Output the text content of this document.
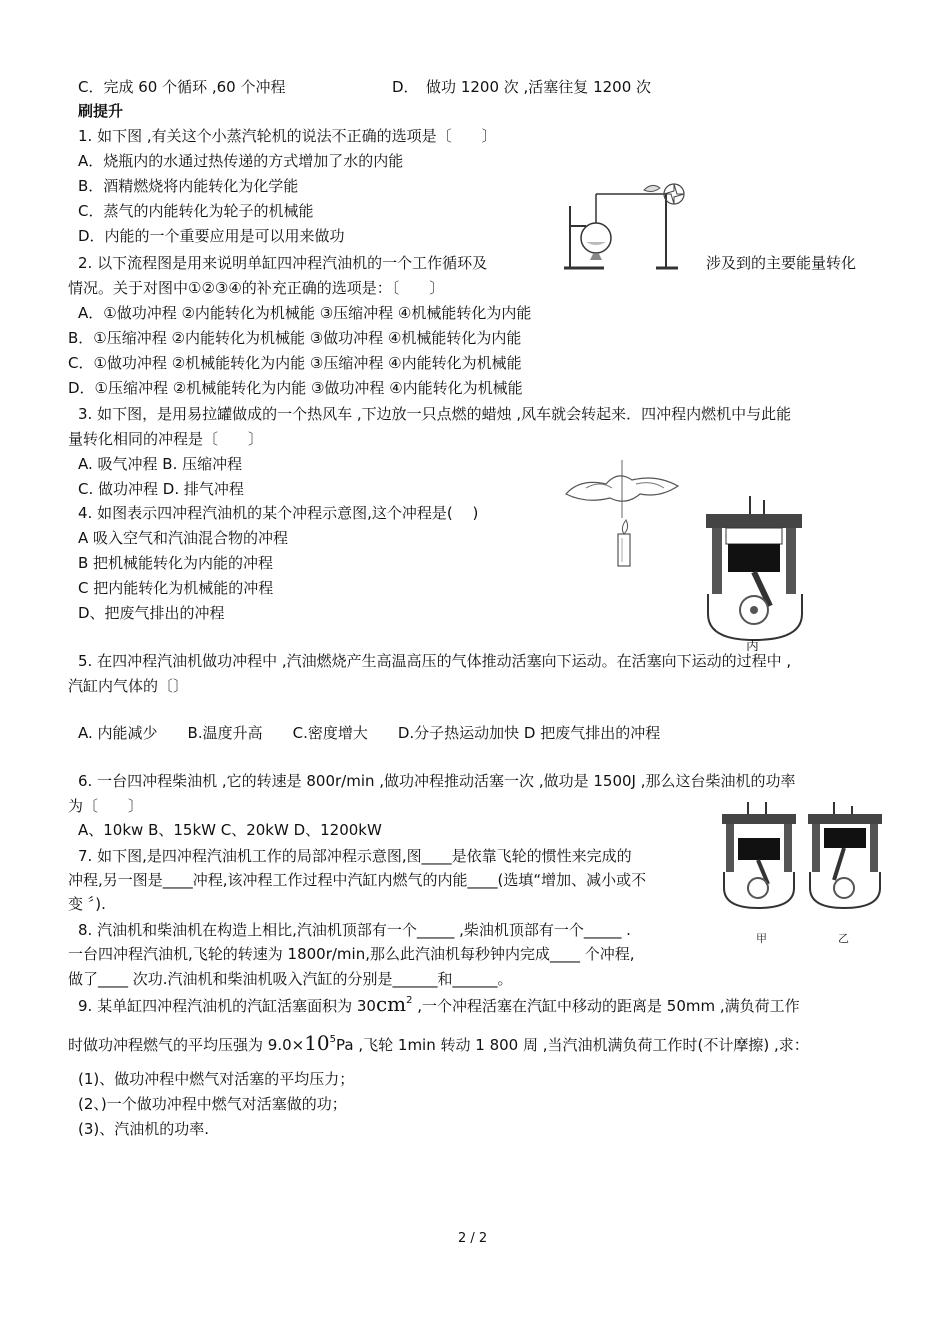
C．完成 60 个循环 ,60 个冲程	D．　做功 1200 次 ,活塞往复 1200 次
刷提升
1. 如下图 ,有关这个小蒸汽轮机的说法不正确的选项是〔　　〕
A．烧瓶内的水通过热传递的方式增加了水的内能
B．酒精燃烧将内能转化为化学能
C．蒸气的内能转化为轮子的机械能
D．内能的一个重要应用是可以用来做功
2. 以下流程图是用来说明单缸四冲程汽油机的一个工作循环及	涉及到的主要能量转化
情况。关于对图中①②③④的补充正确的选项是：〔　　〕
A．①做功冲程 ②内能转化为机械能 ③压缩冲程 ④机械能转化为内能
B．①压缩冲程 ②内能转化为机械能 ③做功冲程 ④机械能转化为内能
C．①做功冲程 ②机械能转化为内能 ③压缩冲程 ④内能转化为机械能
D．①压缩冲程 ②机械能转化为内能 ③做功冲程 ④内能转化为机械能
3. 如下图，是用易拉罐做成的一个热风车 ,下边放一只点燃的蜡烛 ,风车就会转起来．四冲程内燃机中与此能
量转化相同的冲程是〔　　〕
A. 吸气冲程 B. 压缩冲程
C. 做功冲程 D. 排气冲程
4. 如图表示四冲程汽油机的某个冲程示意图,这个冲程是(　 )
A 吸入空气和汽油混合物的冲程
B 把机械能转化为内能的冲程
C 把内能转化为机械能的冲程
D、把废气排出的冲程
丙
5. 在四冲程汽油机做功冲程中 ,汽油燃烧产生高温高压的气体推动活塞向下运动。在活塞向下运动的过程中 ,
汽缸内气体的〔〕
A. 内能减少　　B.温度升高　　C.密度增大　　D.分子热运动加快 D 把废气排出的冲程
6. 一台四冲程柴油机 ,它的转速是 800r/min ,做功冲程推动活塞一次 ,做功是 1500J ,那么这台柴油机的功率
为〔　　〕
A、10kw B、15kW C、20kW D、1200kW
7. 如下图,是四冲程汽油机工作的局部冲程示意图,图____是依靠飞轮的惯性来完成的
冲程,另一图是____冲程,该冲程工作过程中汽缸内燃气的内能____(选填“增加、减小或不
变 〞).
甲	乙
8. 汽油机和柴油机在构造上相比,汽油机顶部有一个_____ ,柴油机顶部有一个_____ .
一台四冲程汽油机,飞轮的转速为 1800r/min,那么此汽油机每秒钟内完成____ 个冲程,
做了____ 次功.汽油机和柴油机吸入汽缸的分别是______和______。
9. 某单缸四冲程汽油机的汽缸活塞面积为 $30cm^2$ ,一个冲程活塞在汽缸中移动的距离是 50mm ,满负荷工作
时做功冲程燃气的平均压强为 $9.0\times 10^5Pa$ ,飞轮 1min 转动 1 800 周 ,当汽油机满负荷工作时(不计摩擦) ,求：
(1)、做功冲程中燃气对活塞的平均压力；
(2、)一个做功冲程中燃气对活塞做的功；
(3)、汽油机的功率.
2 / 2
